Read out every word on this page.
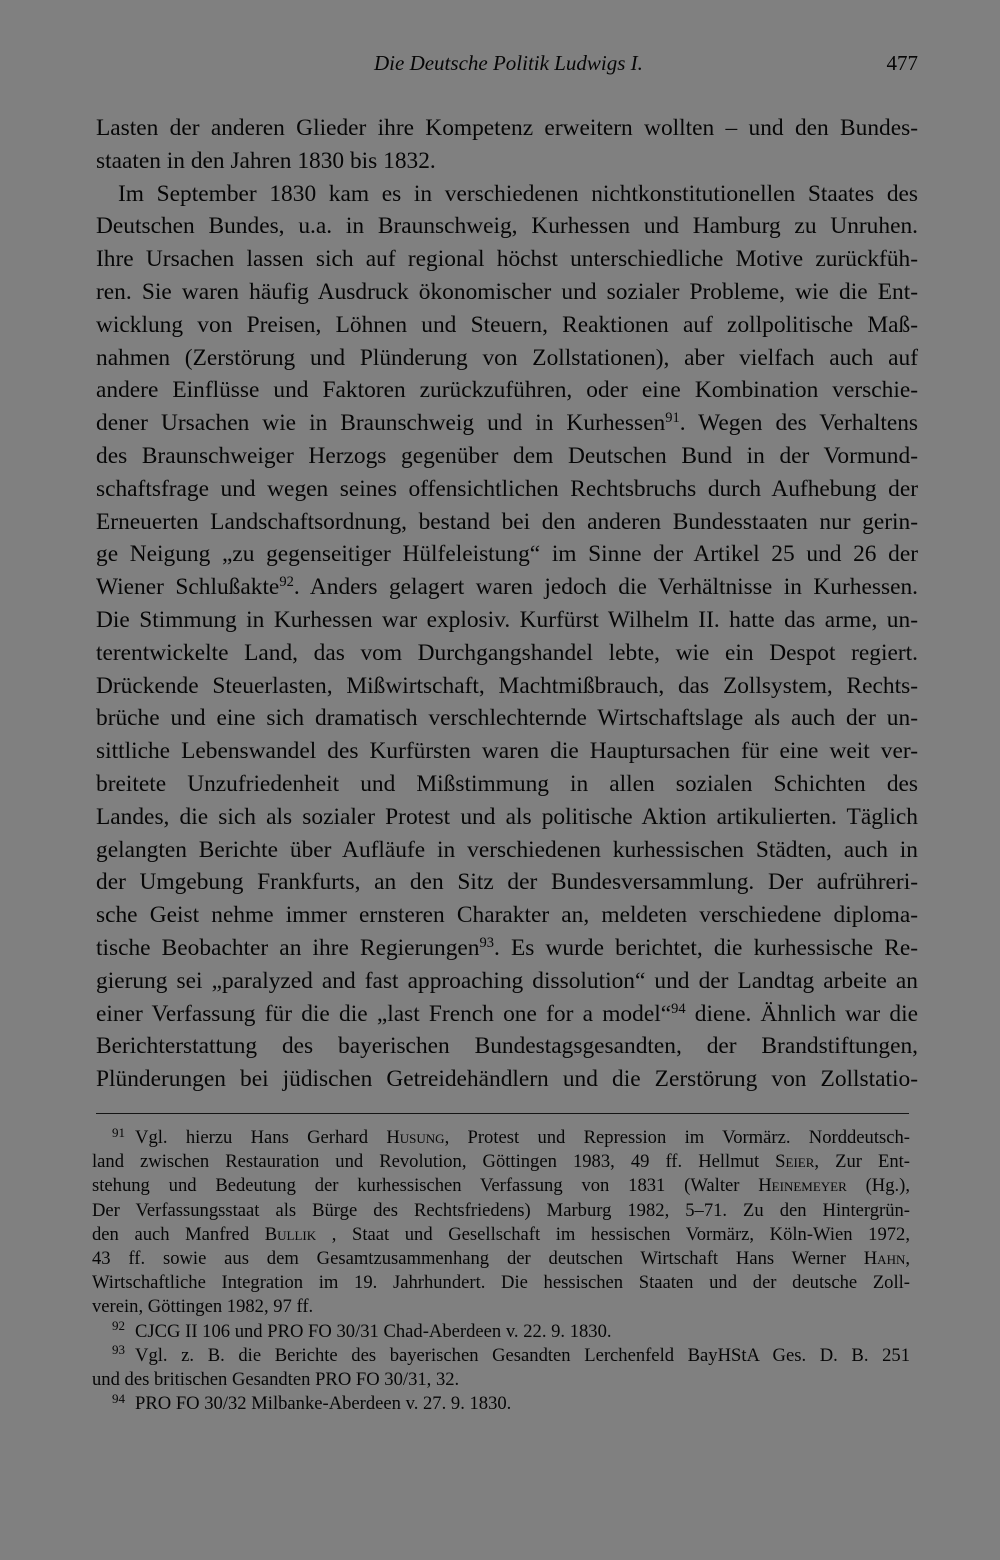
Die Deutsche Politik Ludwigs I.	477
Lasten der anderen Glieder ihre Kompetenz erweitern wollten – und den Bundes-
staaten in den Jahren 1830 bis 1832.
Im September 1830 kam es in verschiedenen nichtkonstitutionellen Staates des
Deutschen Bundes, u.a. in Braunschweig, Kurhessen und Hamburg zu Unruhen.
Ihre Ursachen lassen sich auf regional höchst unterschiedliche Motive zurückfüh-
ren. Sie waren häufig Ausdruck ökonomischer und sozialer Probleme, wie die Ent-
wicklung von Preisen, Löhnen und Steuern, Reaktionen auf zollpolitische Maß-
nahmen (Zerstörung und Plünderung von Zollstationen), aber vielfach auch auf
andere Einflüsse und Faktoren zurückzuführen, oder eine Kombination verschie-
dener Ursachen wie in Braunschweig und in Kurhessen$^{91}$. Wegen des Verhaltens
des Braunschweiger Herzogs gegenüber dem Deutschen Bund in der Vormund-
schaftsfrage und wegen seines offensichtlichen Rechtsbruchs durch Aufhebung der
Erneuerten Landschaftsordnung, bestand bei den anderen Bundesstaaten nur gerin-
ge Neigung „zu gegenseitiger Hülfeleistung“ im Sinne der Artikel 25 und 26 der
Wiener Schlußakte$^{92}$. Anders gelagert waren jedoch die Verhältnisse in Kurhessen.
Die Stimmung in Kurhessen war explosiv. Kurfürst Wilhelm II. hatte das arme, un-
terentwickelte Land, das vom Durchgangshandel lebte, wie ein Despot regiert.
Drückende Steuerlasten, Mißwirtschaft, Machtmißbrauch, das Zollsystem, Rechts-
brüche und eine sich dramatisch verschlechternde Wirtschaftslage als auch der un-
sittliche Lebenswandel des Kurfürsten waren die Hauptursachen für eine weit ver-
breitete Unzufriedenheit und Mißstimmung in allen sozialen Schichten des
Landes, die sich als sozialer Protest und als politische Aktion artikulierten. Täglich
gelangten Berichte über Aufläufe in verschiedenen kurhessischen Städten, auch in
der Umgebung Frankfurts, an den Sitz der Bundesversammlung. Der aufrühreri-
sche Geist nehme immer ernsteren Charakter an, meldeten verschiedene diploma-
tische Beobachter an ihre Regierungen$^{93}$. Es wurde berichtet, die kurhessische Re-
gierung sei „paralyzed and fast approaching dissolution“ und der Landtag arbeite an
einer Verfassung für die die „last French one for a model“$^{94}$ diene. Ähnlich war die
Berichterstattung des bayerischen Bundestagsgesandten, der Brandstiftungen,
Plünderungen bei jüdischen Getreidehändlern und die Zerstörung von Zollstatio-
$^{91}$ Vgl. hierzu Hans Gerhard Husung, Protest und Repression im Vormärz. Norddeutsch-
land zwischen Restauration und Revolution, Göttingen 1983, 49 ff. Hellmut Seier, Zur Ent-
stehung und Bedeutung der kurhessischen Verfassung von 1831 (Walter Heinemeyer (Hg.),
Der Verfassungsstaat als Bürge des Rechtsfriedens) Marburg 1982, 5–71. Zu den Hintergrün-
den auch Manfred Bullik , Staat und Gesellschaft im hessischen Vormärz, Köln-Wien 1972,
43 ff. sowie aus dem Gesamtzusammenhang der deutschen Wirtschaft Hans Werner Hahn,
Wirtschaftliche Integration im 19. Jahrhundert. Die hessischen Staaten und der deutsche Zoll-
verein, Göttingen 1982, 97 ff.
$^{92}$ CJCG II 106 und PRO FO 30/31 Chad-Aberdeen v. 22. 9. 1830.
$^{93}$ Vgl. z. B. die Berichte des bayerischen Gesandten Lerchenfeld BayHStA Ges. D. B. 251
und des britischen Gesandten PRO FO 30/31, 32.
$^{94}$ PRO FO 30/32 Milbanke-Aberdeen v. 27. 9. 1830.
